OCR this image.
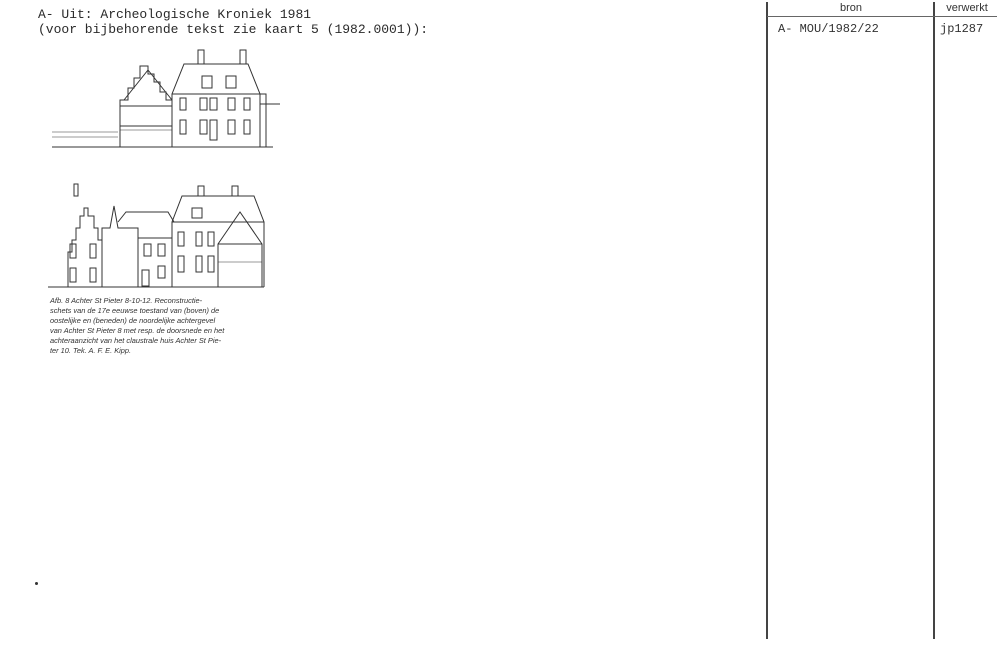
A- Uit: Archeologische Kroniek 1981
(voor bijbehorende tekst zie kaart 5 (1982.0001)):
Afb. 8 Achter St Pieter 8-10-12. Reconstructie-
schets van de 17e eeuwse toestand van (boven) de
oostelijke en (beneden) de noordelijke achtergevel
van Achter St Pieter 8 met resp. de doorsnede en het
achteraanzicht van het claustrale huis Achter St Pie-
ter 10. Tek. A. F. E. Kipp.
bron	verwerkt
A- MOU/1982/22	jp1287
